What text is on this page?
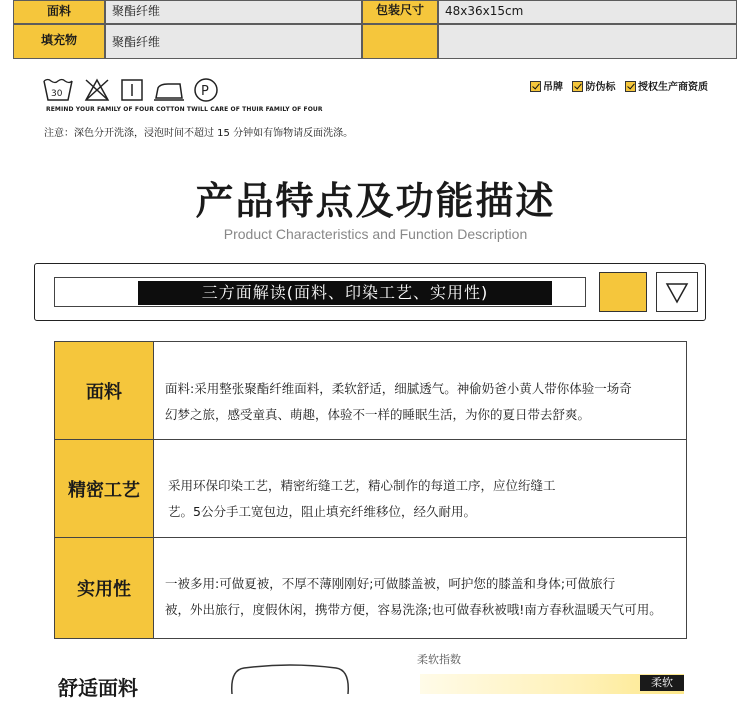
面料	聚酯纤维	包装尺寸	48x36x15cm
填充物	聚酯纤维
30	P
REMIND YOUR FAMILY OF FOUR COTTON TWILL CARE OF THUIR FAMILY OF FOUR
注意：深色分开洗涤，浸泡时间不超过 15 分钟如有饰物请反面洗涤。
吊牌 防伪标 授权生产商资质
产品特点及功能描述
Product Characteristics and Function Description
三方面解读(面料、印染工艺、实用性)
面料	面料:采用整张聚酯纤维面料，柔软舒适，细腻透气。神偷奶爸小黄人带你体验一场奇
幻梦之旅，感受童真、萌趣，体验不一样的睡眠生活，为你的夏日带去舒爽。
精密工艺	采用环保印染工艺，精密绗缝工艺，精心制作的每道工序，应位绗缝工
艺。5公分手工宽包边，阻止填充纤维移位，经久耐用。
实用性	一被多用:可做夏被，不厚不薄刚刚好;可做膝盖被，呵护您的膝盖和身体;可做旅行
被，外出旅行，度假休闲，携带方便，容易洗涤;也可做春秋被哦!南方春秋温暖天气可用。
舒适面料
柔软指数
柔软
